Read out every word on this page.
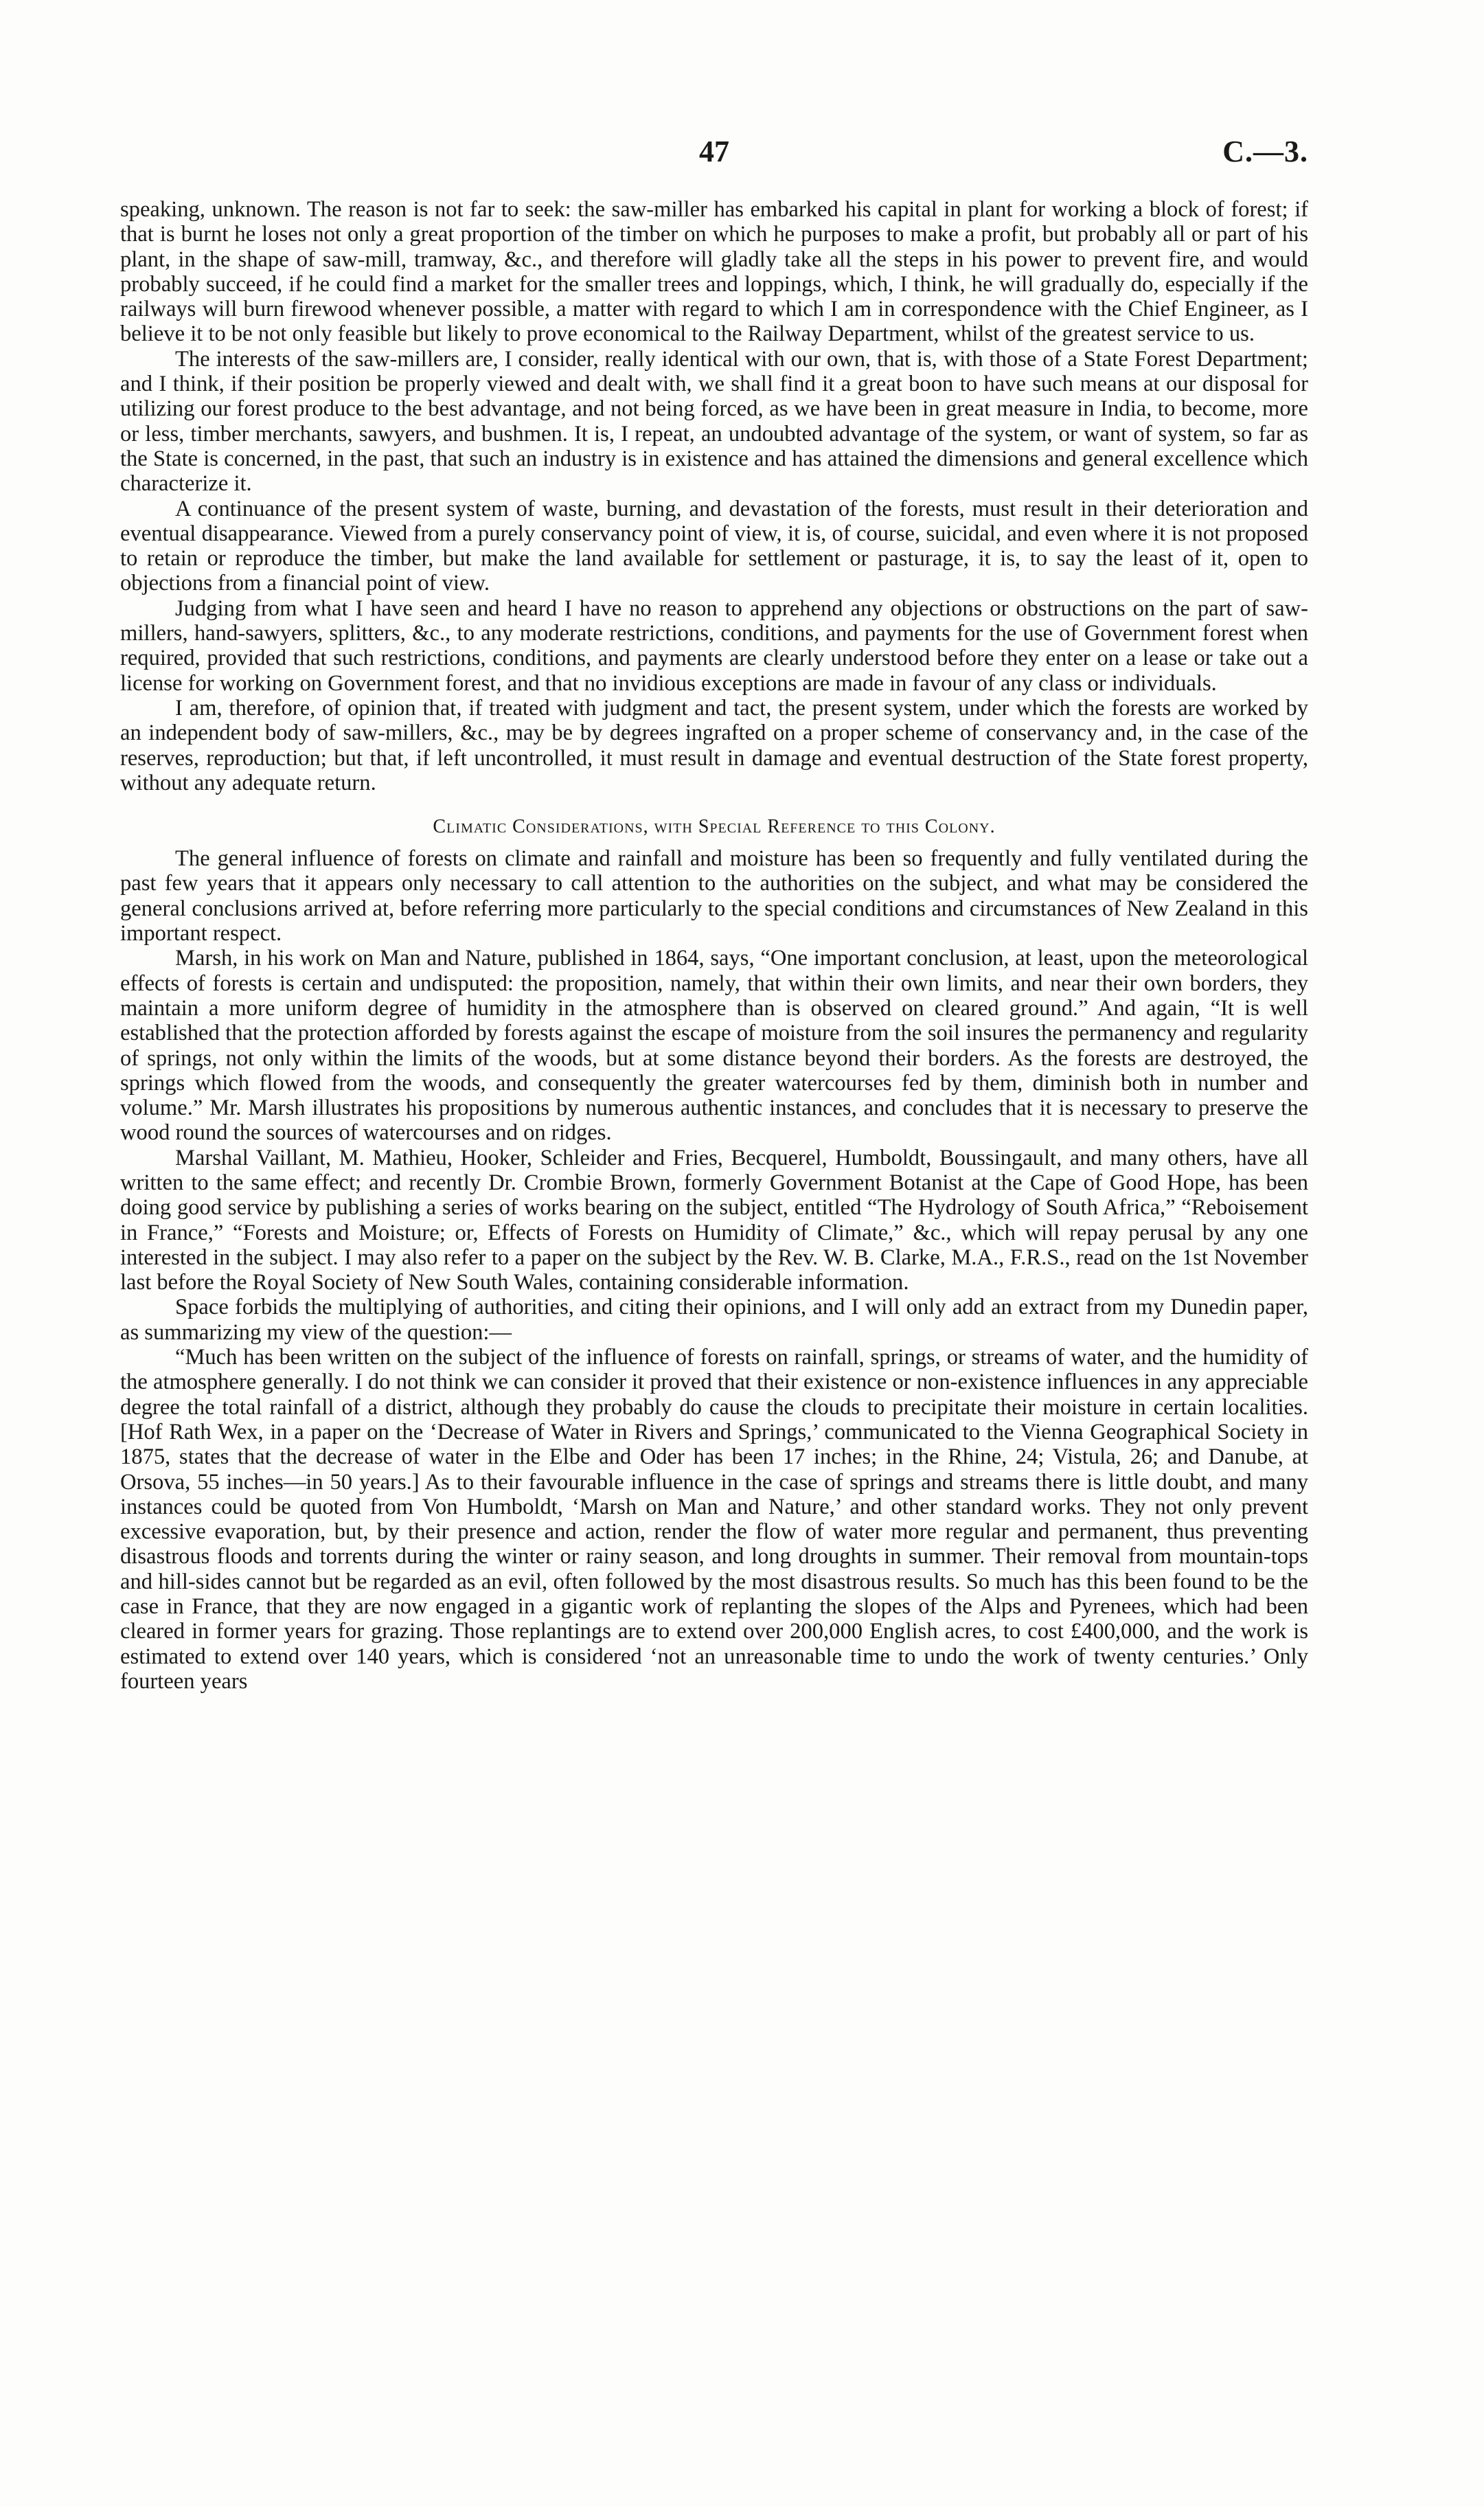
47	C.—3.

speaking, unknown. The reason is not far to seek: the saw-miller has embarked his capital in plant for working a block of forest; if that is burnt he loses not only a great proportion of the timber on which he purposes to make a profit, but probably all or part of his plant, in the shape of saw-mill, tramway, &c., and therefore will gladly take all the steps in his power to prevent fire, and would probably succeed, if he could find a market for the smaller trees and loppings, which, I think, he will gradually do, especially if the railways will burn firewood whenever possible, a matter with regard to which I am in correspondence with the Chief Engineer, as I believe it to be not only feasible but likely to prove economical to the Railway Department, whilst of the greatest service to us.

The interests of the saw-millers are, I consider, really identical with our own, that is, with those of a State Forest Department; and I think, if their position be properly viewed and dealt with, we shall find it a great boon to have such means at our disposal for utilizing our forest produce to the best advantage, and not being forced, as we have been in great measure in India, to become, more or less, timber merchants, sawyers, and bushmen. It is, I repeat, an undoubted advantage of the system, or want of system, so far as the State is concerned, in the past, that such an industry is in existence and has attained the dimensions and general excellence which characterize it.

A continuance of the present system of waste, burning, and devastation of the forests, must result in their deterioration and eventual disappearance. Viewed from a purely conservancy point of view, it is, of course, suicidal, and even where it is not proposed to retain or reproduce the timber, but make the land available for settlement or pasturage, it is, to say the least of it, open to objections from a financial point of view.

Judging from what I have seen and heard I have no reason to apprehend any objections or obstructions on the part of saw-millers, hand-sawyers, splitters, &c., to any moderate restrictions, conditions, and payments for the use of Government forest when required, provided that such restrictions, conditions, and payments are clearly understood before they enter on a lease or take out a license for working on Government forest, and that no invidious exceptions are made in favour of any class or individuals.

I am, therefore, of opinion that, if treated with judgment and tact, the present system, under which the forests are worked by an independent body of saw-millers, &c., may be by degrees ingrafted on a proper scheme of conservancy and, in the case of the reserves, reproduction; but that, if left uncontrolled, it must result in damage and eventual destruction of the State forest property, without any adequate return.

Climatic Considerations, with Special Reference to this Colony.

The general influence of forests on climate and rainfall and moisture has been so frequently and fully ventilated during the past few years that it appears only necessary to call attention to the authorities on the subject, and what may be considered the general conclusions arrived at, before referring more particularly to the special conditions and circumstances of New Zealand in this important respect.

Marsh, in his work on Man and Nature, published in 1864, says, “One important conclusion, at least, upon the meteorological effects of forests is certain and undisputed: the proposition, namely, that within their own limits, and near their own borders, they maintain a more uniform degree of humidity in the atmosphere than is observed on cleared ground.” And again, “It is well established that the protection afforded by forests against the escape of moisture from the soil insures the permanency and regularity of springs, not only within the limits of the woods, but at some distance beyond their borders. As the forests are destroyed, the springs which flowed from the woods, and consequently the greater watercourses fed by them, diminish both in number and volume.” Mr. Marsh illustrates his propositions by numerous authentic instances, and concludes that it is necessary to preserve the wood round the sources of watercourses and on ridges.

Marshal Vaillant, M. Mathieu, Hooker, Schleider and Fries, Becquerel, Humboldt, Boussingault, and many others, have all written to the same effect; and recently Dr. Crombie Brown, formerly Government Botanist at the Cape of Good Hope, has been doing good service by publishing a series of works bearing on the subject, entitled “The Hydrology of South Africa,” “Reboisement in France,” “Forests and Moisture; or, Effects of Forests on Humidity of Climate,” &c., which will repay perusal by any one interested in the subject. I may also refer to a paper on the subject by the Rev. W. B. Clarke, M.A., F.R.S., read on the 1st November last before the Royal Society of New South Wales, containing considerable information.

Space forbids the multiplying of authorities, and citing their opinions, and I will only add an extract from my Dunedin paper, as summarizing my view of the question:—

“Much has been written on the subject of the influence of forests on rainfall, springs, or streams of water, and the humidity of the atmosphere generally. I do not think we can consider it proved that their existence or non-existence influences in any appreciable degree the total rainfall of a district, although they probably do cause the clouds to precipitate their moisture in certain localities. [Hof Rath Wex, in a paper on the ‘Decrease of Water in Rivers and Springs,’ communicated to the Vienna Geographical Society in 1875, states that the decrease of water in the Elbe and Oder has been 17 inches; in the Rhine, 24; Vistula, 26; and Danube, at Orsova, 55 inches—in 50 years.] As to their favourable influence in the case of springs and streams there is little doubt, and many instances could be quoted from Von Humboldt, ‘Marsh on Man and Nature,’ and other standard works. They not only prevent excessive evaporation, but, by their presence and action, render the flow of water more regular and permanent, thus preventing disastrous floods and torrents during the winter or rainy season, and long droughts in summer. Their removal from mountain-tops and hill-sides cannot but be regarded as an evil, often followed by the most disastrous results. So much has this been found to be the case in France, that they are now engaged in a gigantic work of replanting the slopes of the Alps and Pyrenees, which had been cleared in former years for grazing. Those replantings are to extend over 200,000 English acres, to cost £400,000, and the work is estimated to extend over 140 years, which is considered ‘not an unreasonable time to undo the work of twenty centuries.’ Only fourteen years
